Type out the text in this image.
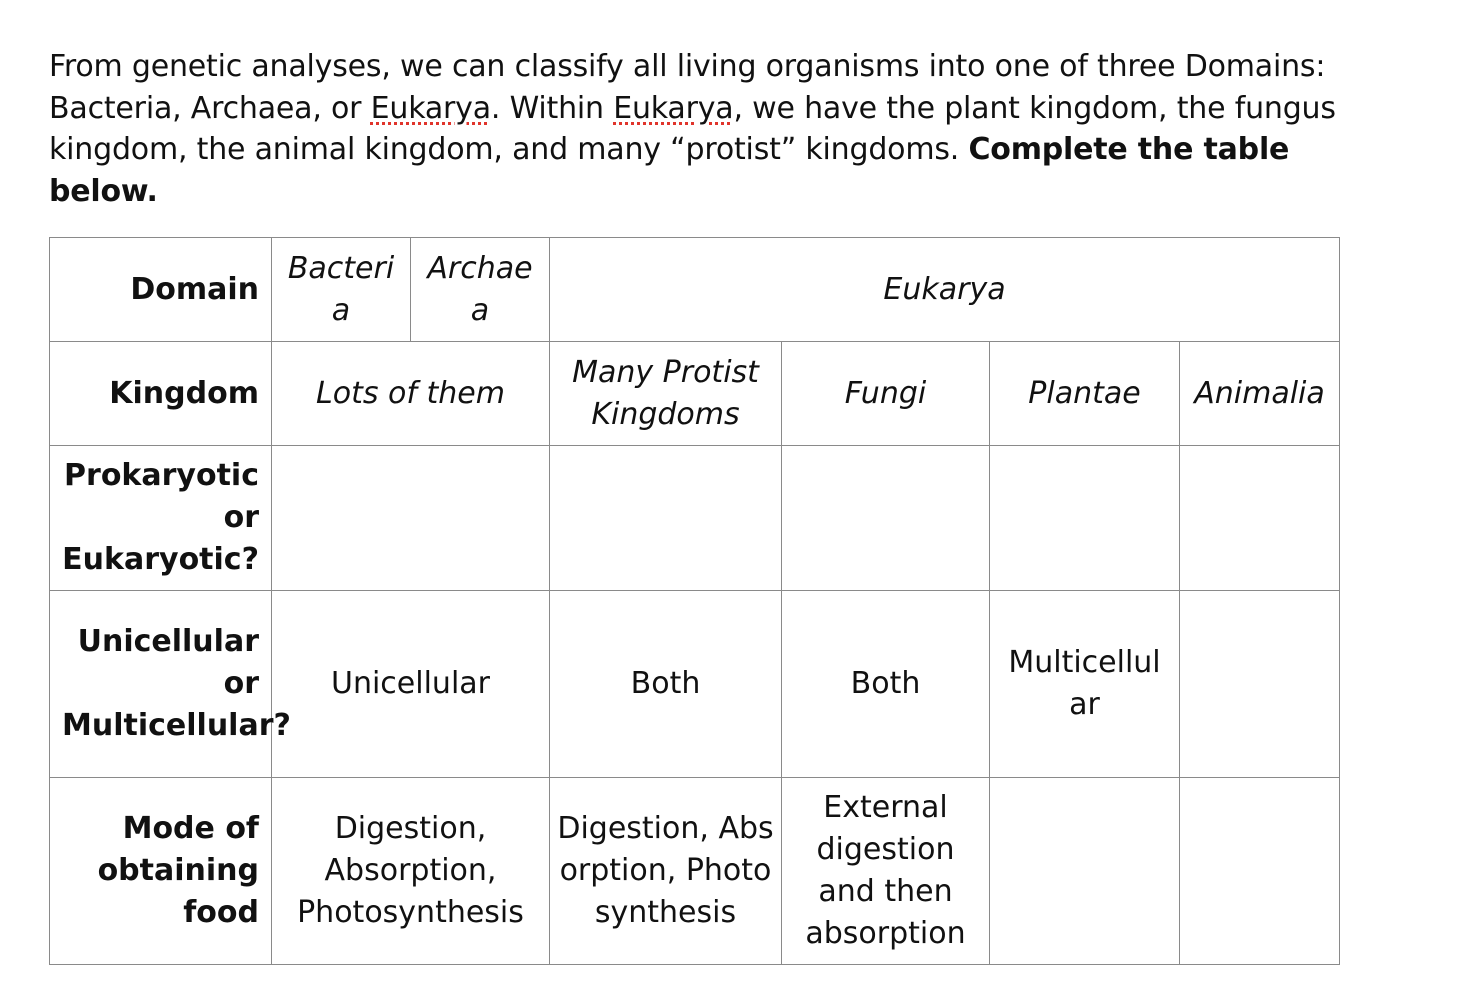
From genetic analyses, we can classify all living organisms into one of three Domains:
Bacteria, Archaea, or Eukarya. Within Eukarya, we have the plant kingdom, the fungus
kingdom, the animal kingdom, and many “protist” kingdoms. Complete the table
below.
Domain	Bacteria	Archaea	Eukarya			
Kingdom	Lots of them		Many Protist Kingdoms	Fungi	Plantae	Animalia
Prokaryotic or Eukaryotic?						
Unicellular or Multicellular?	Unicellular		Both	Both	Multicellular	
Mode of obtaining food	Digestion, Absorption, Photosynthesis		Digestion, Absorption, Photosynthesis	External digestion and then absorption		
